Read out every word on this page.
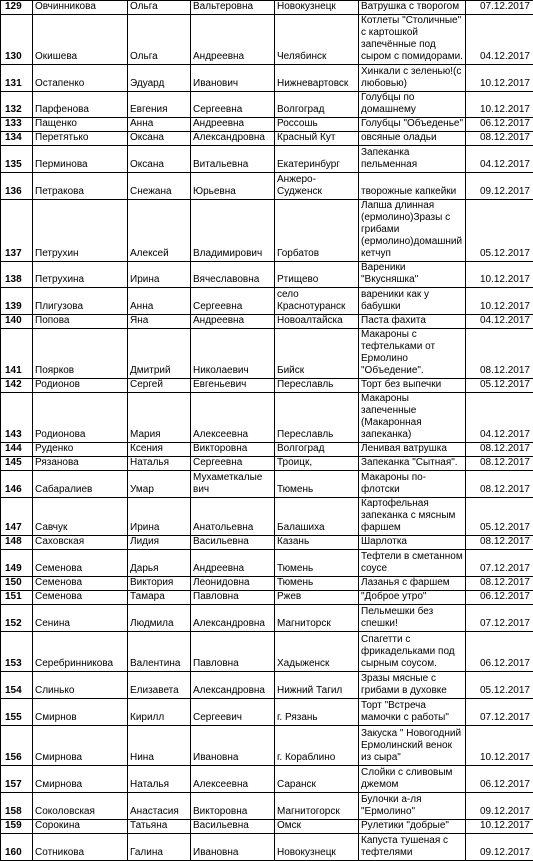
129	Овчинникова	Ольга	Вальтеровна	Новокузнецк	Ватрушка с творогом	07.12.2017
130	Окишева	Ольга	Андреевна	Челябинск	Котлеты "Столичные" с картошкой запечённые под сыром с помидорами.	04.12.2017
131	Остапенко	Эдуард	Иванович	Нижневартовск	Хинкали с зеленью!(с любовью)	10.12.2017
132	Парфенова	Евгения	Сергеевна	Волгоград	Голубцы по домашнему	10.12.2017
133	Пащенко	Анна	Андреевна	Россошь	Голубцы "Объеденье"	06.12.2017
134	Перетятько	Оксана	Александровна	Красный Кут	овсяные оладьи	08.12.2017
135	Перминова	Оксана	Витальевна	Екатеринбург	Запеканка пельменная	04.12.2017
136	Петракова	Снежана	Юрьевна	Анжеро-Судженск	творожные капкейки	09.12.2017
137	Петрухин	Алексей	Владимирович	Горбатов	Лапша длинная (ермолино)Зразы с грибами (ермолино)домашний кетчуп	05.12.2017
138	Петрухина	Ирина	Вячеславовна	Ртищево	Вареники "Вкусняшка"	10.12.2017
139	Плигузова	Анна	Сергеевна	село Краснотуранск	вареники как у бабушки	10.12.2017
140	Попова	Яна	Андреевна	Новоалтайска	Паста фахита	04.12.2017
141	Поярков	Дмитрий	Николаевич	Бийск	Макароны с тефтельками от Ермолино "Объедение".	08.12.2017
142	Родионов	Сергей	Евгеньевич	Переславль	Торт без выпечки	05.12.2017
143	Родионова	Мария	Алексеевна	Переславль	Макароны запеченные (Макаронная запеканка)	04.12.2017
144	Руденко	Ксения	Викторовна	Волгоград	Ленивая ватрушка	08.12.2017
145	Рязанова	Наталья	Сергеевна	Троицк,	Запеканка "Сытная".	08.12.2017
146	Сабаралиев	Умар	Мухаметкалые вич	Тюмень	Макароны по-флотски	08.12.2017
147	Савчук	Ирина	Анатольевна	Балашиха	Картофельная запеканка с мясным фаршем	05.12.2017
148	Саховская	Лидия	Васильевна	Казань	Шарлотка	08.12.2017
149	Семенова	Дарья	Андреевна	Тюмень	Тефтели в сметанном соусе	07.12.2017
150	Семенова	Виктория	Леонидовна	Тюмень	Лазанья с фаршем	08.12.2017
151	Семенова	Тамара	Павловна	Ржев	"Доброе утро"	06.12.2017
152	Сенина	Людмила	Александровна	Магниторск	Пельмешки без спешки!	07.12.2017
153	Серебринникова	Валентина	Павловна	Хадыженск	Спагетти с фрикадельками под сырным соусом.	06.12.2017
154	Слинько	Елизавета	Александровна	Нижний Тагил	Зразы мясные с грибами в духовке	05.12.2017
155	Смирнов	Кирилл	Сергеевич	г. Рязань	Торт "Встреча мамочки с работы"	07.12.2017
156	Смирнова	Нина	Ивановна	г. Кораблино	Закуска " Новогодний Ермолинский венок из сыра"	10.12.2017
157	Смирнова	Наталья	Алексеевна	Саранск	Слойки с сливовым джемом	06.12.2017
158	Соколовская	Анастасия	Викторовна	Магнитогорск	Булочки а-ля "Ермолино"	09.12.2017
159	Сорокина	Татьяна	Васильевна	Омск	Рулетики "добрые"	10.12.2017
160	Сотникова	Галина	Ивановна	Новокузнецк	Капуста тушеная с тефтелями	09.12.2017
